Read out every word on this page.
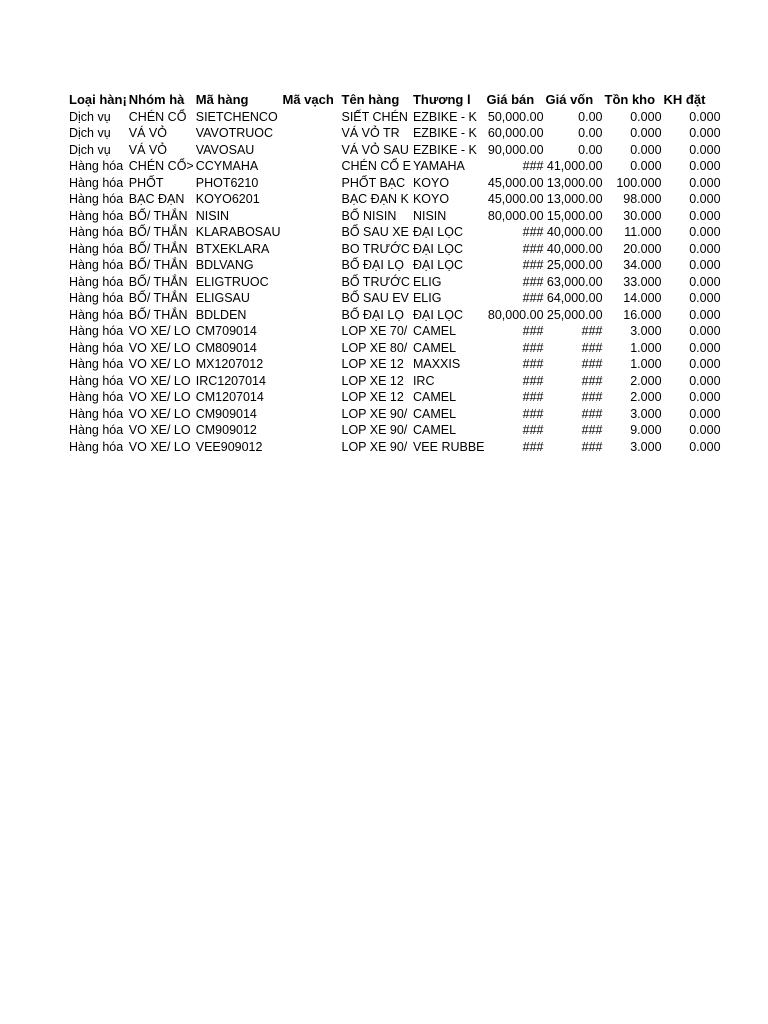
Loại hàn¡	Nhóm hà	Mã hàng	Mã vạch	Tên hàng	Thương l	Giá bán	Giá vốn	Tồn kho	KH đặt
Dịch vụ	CHÉN CỔ	SIETCHENCO		SIẾT CHÉN	EZBIKE - K	50,000.00	0.00	0.000	0.000
Dịch vụ	VÁ VỎ	VAVOTRUOC		VÁ VỎ TR	EZBIKE - K	60,000.00	0.00	0.000	0.000
Dịch vụ	VÁ VỎ	VAVOSAU		VÁ VỎ SAU	EZBIKE - K	90,000.00	0.00	0.000	0.000
Hàng hóa	CHÉN CỔ>	CCYMAHA		CHÉN CỔ E	YAMAHA	###	41,000.00	0.000	0.000
Hàng hóa	PHỐT	PHOT6210		PHỐT BẠC	KOYO	45,000.00	13,000.00	100.000	0.000
Hàng hóa	BẠC ĐẠN	KOYO6201		BẠC ĐẠN K	KOYO	45,000.00	13,000.00	98.000	0.000
Hàng hóa	BỐ/ THẮN	NISIN		BỐ NISIN	NISIN	80,000.00	15,000.00	30.000	0.000
Hàng hóa	BỐ/ THẮN	KLARABOSAU		BỐ SAU XE	ĐẠI LỌC	###	40,000.00	11.000	0.000
Hàng hóa	BỐ/ THẮN	BTXEKLARA		BO TRƯỚC	ĐẠI LỌC	###	40,000.00	20.000	0.000
Hàng hóa	BỐ/ THẮN	BDLVANG		BỐ ĐẠI LỌ	ĐẠI LỌC	###	25,000.00	34.000	0.000
Hàng hóa	BỐ/ THẮN	ELIGTRUOC		BỐ TRƯỚC	ELIG	###	63,000.00	33.000	0.000
Hàng hóa	BỐ/ THẮN	ELIGSAU		BỐ SAU EV	ELIG	###	64,000.00	14.000	0.000
Hàng hóa	BỐ/ THẮN	BDLDEN		BỐ ĐẠI LỌ	ĐẠI LỌC	80,000.00	25,000.00	16.000	0.000
Hàng hóa	VO XE/ LO	CM709014		LOP XE 70/	CAMEL	###	###	3.000	0.000
Hàng hóa	VO XE/ LO	CM809014		LOP XE 80/	CAMEL	###	###	1.000	0.000
Hàng hóa	VO XE/ LO	MX1207012		LOP XE 12	MAXXIS	###	###	1.000	0.000
Hàng hóa	VO XE/ LO	IRC1207014		LOP XE 12	IRC	###	###	2.000	0.000
Hàng hóa	VO XE/ LO	CM1207014		LOP XE 12	CAMEL	###	###	2.000	0.000
Hàng hóa	VO XE/ LO	CM909014		LOP XE 90/	CAMEL	###	###	3.000	0.000
Hàng hóa	VO XE/ LO	CM909012		LOP XE 90/	CAMEL	###	###	9.000	0.000
Hàng hóa	VO XE/ LO	VEE909012		LOP XE 90/	VEE RUBBE	###	###	3.000	0.000
